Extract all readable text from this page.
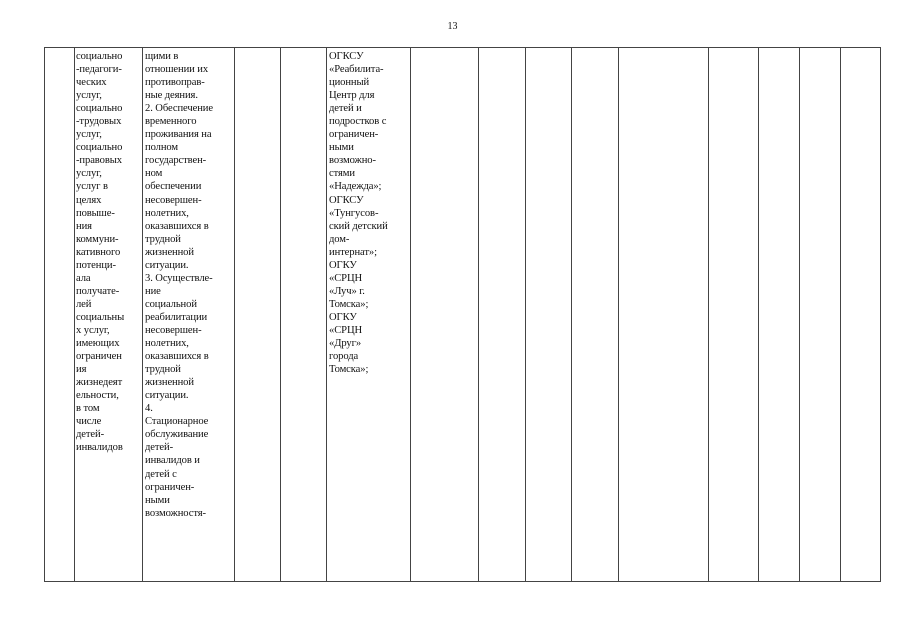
13
социально
-педагоги-
ческих
услуг,
социально
-трудовых
услуг,
социально
-правовых
услуг,
услуг в
целях
повыше-
ния
коммуни-
кативного
потенци-
ала
получате-
лей
социальны
х услуг,
имеющих
ограничен
ия
жизнедеят
ельности,
в том
числе
детей-
инвалидов
щими в
отношении их
противоправ-
ные деяния.
2. Обеспечение
временного
проживания на
полном
государствен-
ном
обеспечении
несовершен-
нолетних,
оказавшихся в
трудной
жизненной
ситуации.
3. Осуществле-
ние
социальной
реабилитации
несовершен-
нолетних,
оказавшихся в
трудной
жизненной
ситуации.
4.
Стационарное
обслуживание
детей-
инвалидов и
детей с
ограничен-
ными
возможностя-
ОГКСУ
«Реабилита-
ционный
Центр для
детей и
подростков с
ограничен-
ными
возможно-
стями
«Надежда»;
ОГКСУ
«Тунгусов-
ский детский
дом-
интернат»;
ОГКУ
«СРЦН
«Луч» г.
Томска»;
ОГКУ
«СРЦН
«Друг»
города
Томска»;
